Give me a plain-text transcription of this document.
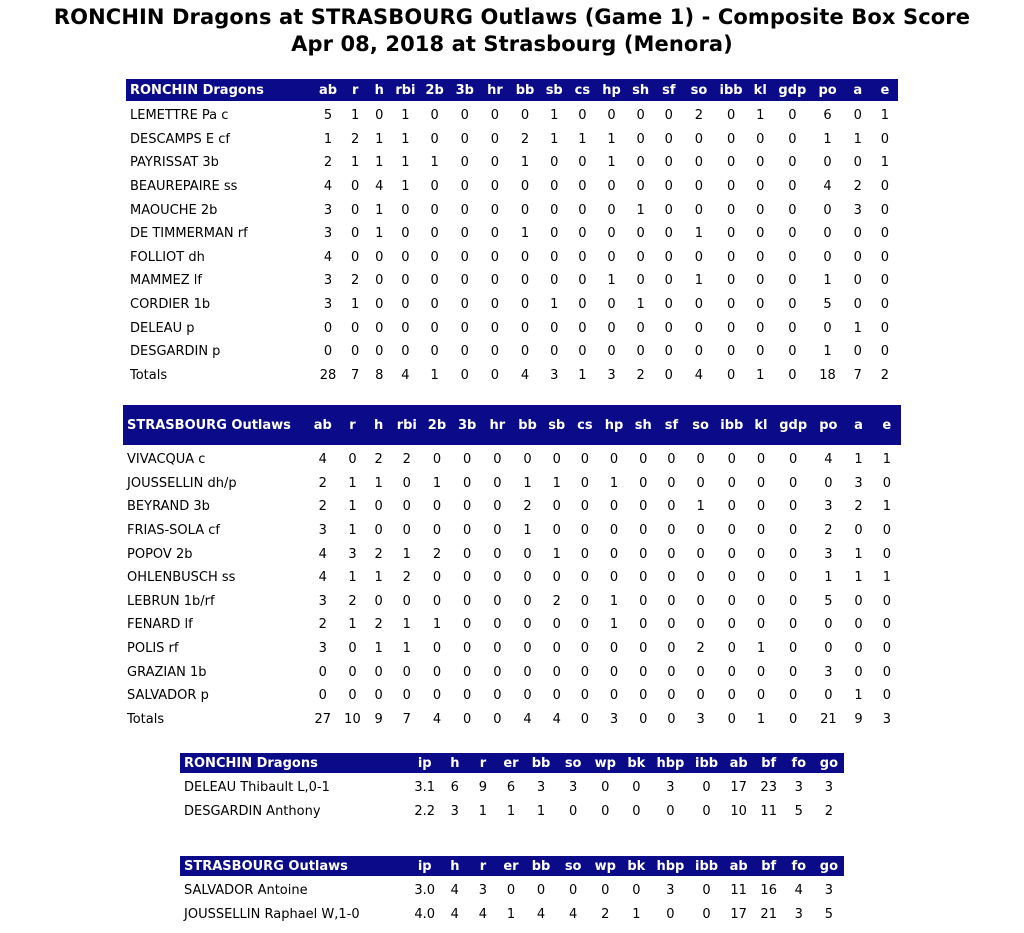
RONCHIN Dragons at STRASBOURG Outlaws (Game 1) - Composite Box Score
Apr 08, 2018 at Strasbourg (Menora)
RONCHIN Dragons	ab	r	h	rbi	2b	3b	hr	bb	sb	cs	hp	sh	sf	so	ibb	kl	gdp	po	a	e

LEMETTRE Pa c	5	1	0	1	0	0	0	0	1	0	0	0	0	2	0	1	0	6	0	1
DESCAMPS E cf	1	2	1	1	0	0	0	2	1	1	1	0	0	0	0	0	0	1	1	0
PAYRISSAT 3b	2	1	1	1	1	0	0	1	0	0	1	0	0	0	0	0	0	0	0	1
BEAUREPAIRE ss	4	0	4	1	0	0	0	0	0	0	0	0	0	0	0	0	0	4	2	0
MAOUCHE 2b	3	0	1	0	0	0	0	0	0	0	0	1	0	0	0	0	0	0	3	0
DE TIMMERMAN rf	3	0	1	0	0	0	0	1	0	0	0	0	0	1	0	0	0	0	0	0
FOLLIOT dh	4	0	0	0	0	0	0	0	0	0	0	0	0	0	0	0	0	0	0	0
MAMMEZ lf	3	2	0	0	0	0	0	0	0	0	1	0	0	1	0	0	0	1	0	0
CORDIER 1b	3	1	0	0	0	0	0	0	1	0	0	1	0	0	0	0	0	5	0	0
DELEAU p	0	0	0	0	0	0	0	0	0	0	0	0	0	0	0	0	0	0	1	0
DESGARDIN p	0	0	0	0	0	0	0	0	0	0	0	0	0	0	0	0	0	1	0	0
Totals	28	7	8	4	1	0	0	4	3	1	3	2	0	4	0	1	0	18	7	2
STRASBOURG Outlaws	ab	r	h	rbi	2b	3b	hr	bb	sb	cs	hp	sh	sf	so	ibb	kl	gdp	po	a	e

VIVACQUA c	4	0	2	2	0	0	0	0	0	0	0	0	0	0	0	0	0	4	1	1
JOUSSELLIN dh/p	2	1	1	0	1	0	0	1	1	0	1	0	0	0	0	0	0	0	3	0
BEYRAND 3b	2	1	0	0	0	0	0	2	0	0	0	0	0	1	0	0	0	3	2	1
FRIAS-SOLA cf	3	1	0	0	0	0	0	1	0	0	0	0	0	0	0	0	0	2	0	0
POPOV 2b	4	3	2	1	2	0	0	0	1	0	0	0	0	0	0	0	0	3	1	0
OHLENBUSCH ss	4	1	1	2	0	0	0	0	0	0	0	0	0	0	0	0	0	1	1	1
LEBRUN 1b/rf	3	2	0	0	0	0	0	0	2	0	1	0	0	0	0	0	0	5	0	0
FENARD lf	2	1	2	1	1	0	0	0	0	0	1	0	0	0	0	0	0	0	0	0
POLIS rf	3	0	1	1	0	0	0	0	0	0	0	0	0	2	0	1	0	0	0	0
GRAZIAN 1b	0	0	0	0	0	0	0	0	0	0	0	0	0	0	0	0	0	3	0	0
SALVADOR p	0	0	0	0	0	0	0	0	0	0	0	0	0	0	0	0	0	0	1	0
Totals	27	10	9	7	4	0	0	4	4	0	3	0	0	3	0	1	0	21	9	3
RONCHIN Dragons	ip	h	r	er	bb	so	wp	bk	hbp	ibb	ab	bf	fo	go

DELEAU Thibault L,0-1	3.1	6	9	6	3	3	0	0	3	0	17	23	3	3
DESGARDIN Anthony	2.2	3	1	1	1	0	0	0	0	0	10	11	5	2
STRASBOURG Outlaws	ip	h	r	er	bb	so	wp	bk	hbp	ibb	ab	bf	fo	go

SALVADOR Antoine	3.0	4	3	0	0	0	0	0	3	0	11	16	4	3
JOUSSELLIN Raphael W,1-0	4.0	4	4	1	4	4	2	1	0	0	17	21	3	5
